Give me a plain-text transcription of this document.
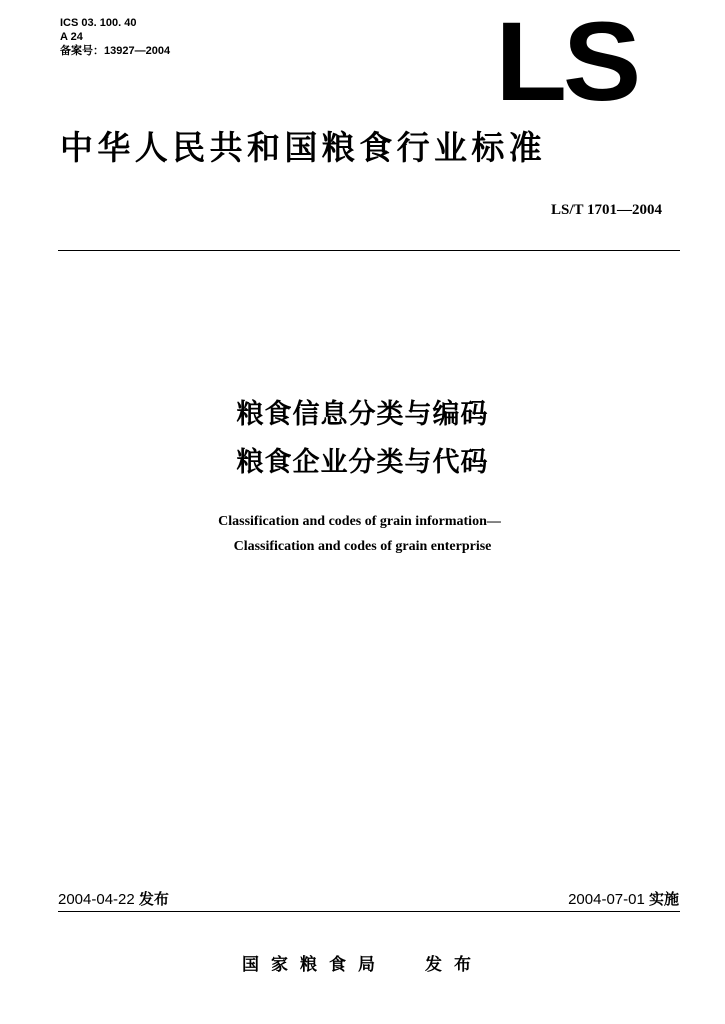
ICS 03. 100. 40
A 24
备案号：13927—2004	LS
中华人民共和国粮食行业标准
LS/T 1701—2004
粮食信息分类与编码
粮食企业分类与代码
Classification and codes of grain information—
Classification and codes of grain enterprise
2004-04-22 发布	2004-07-01 实施
国家粮食局 发布
